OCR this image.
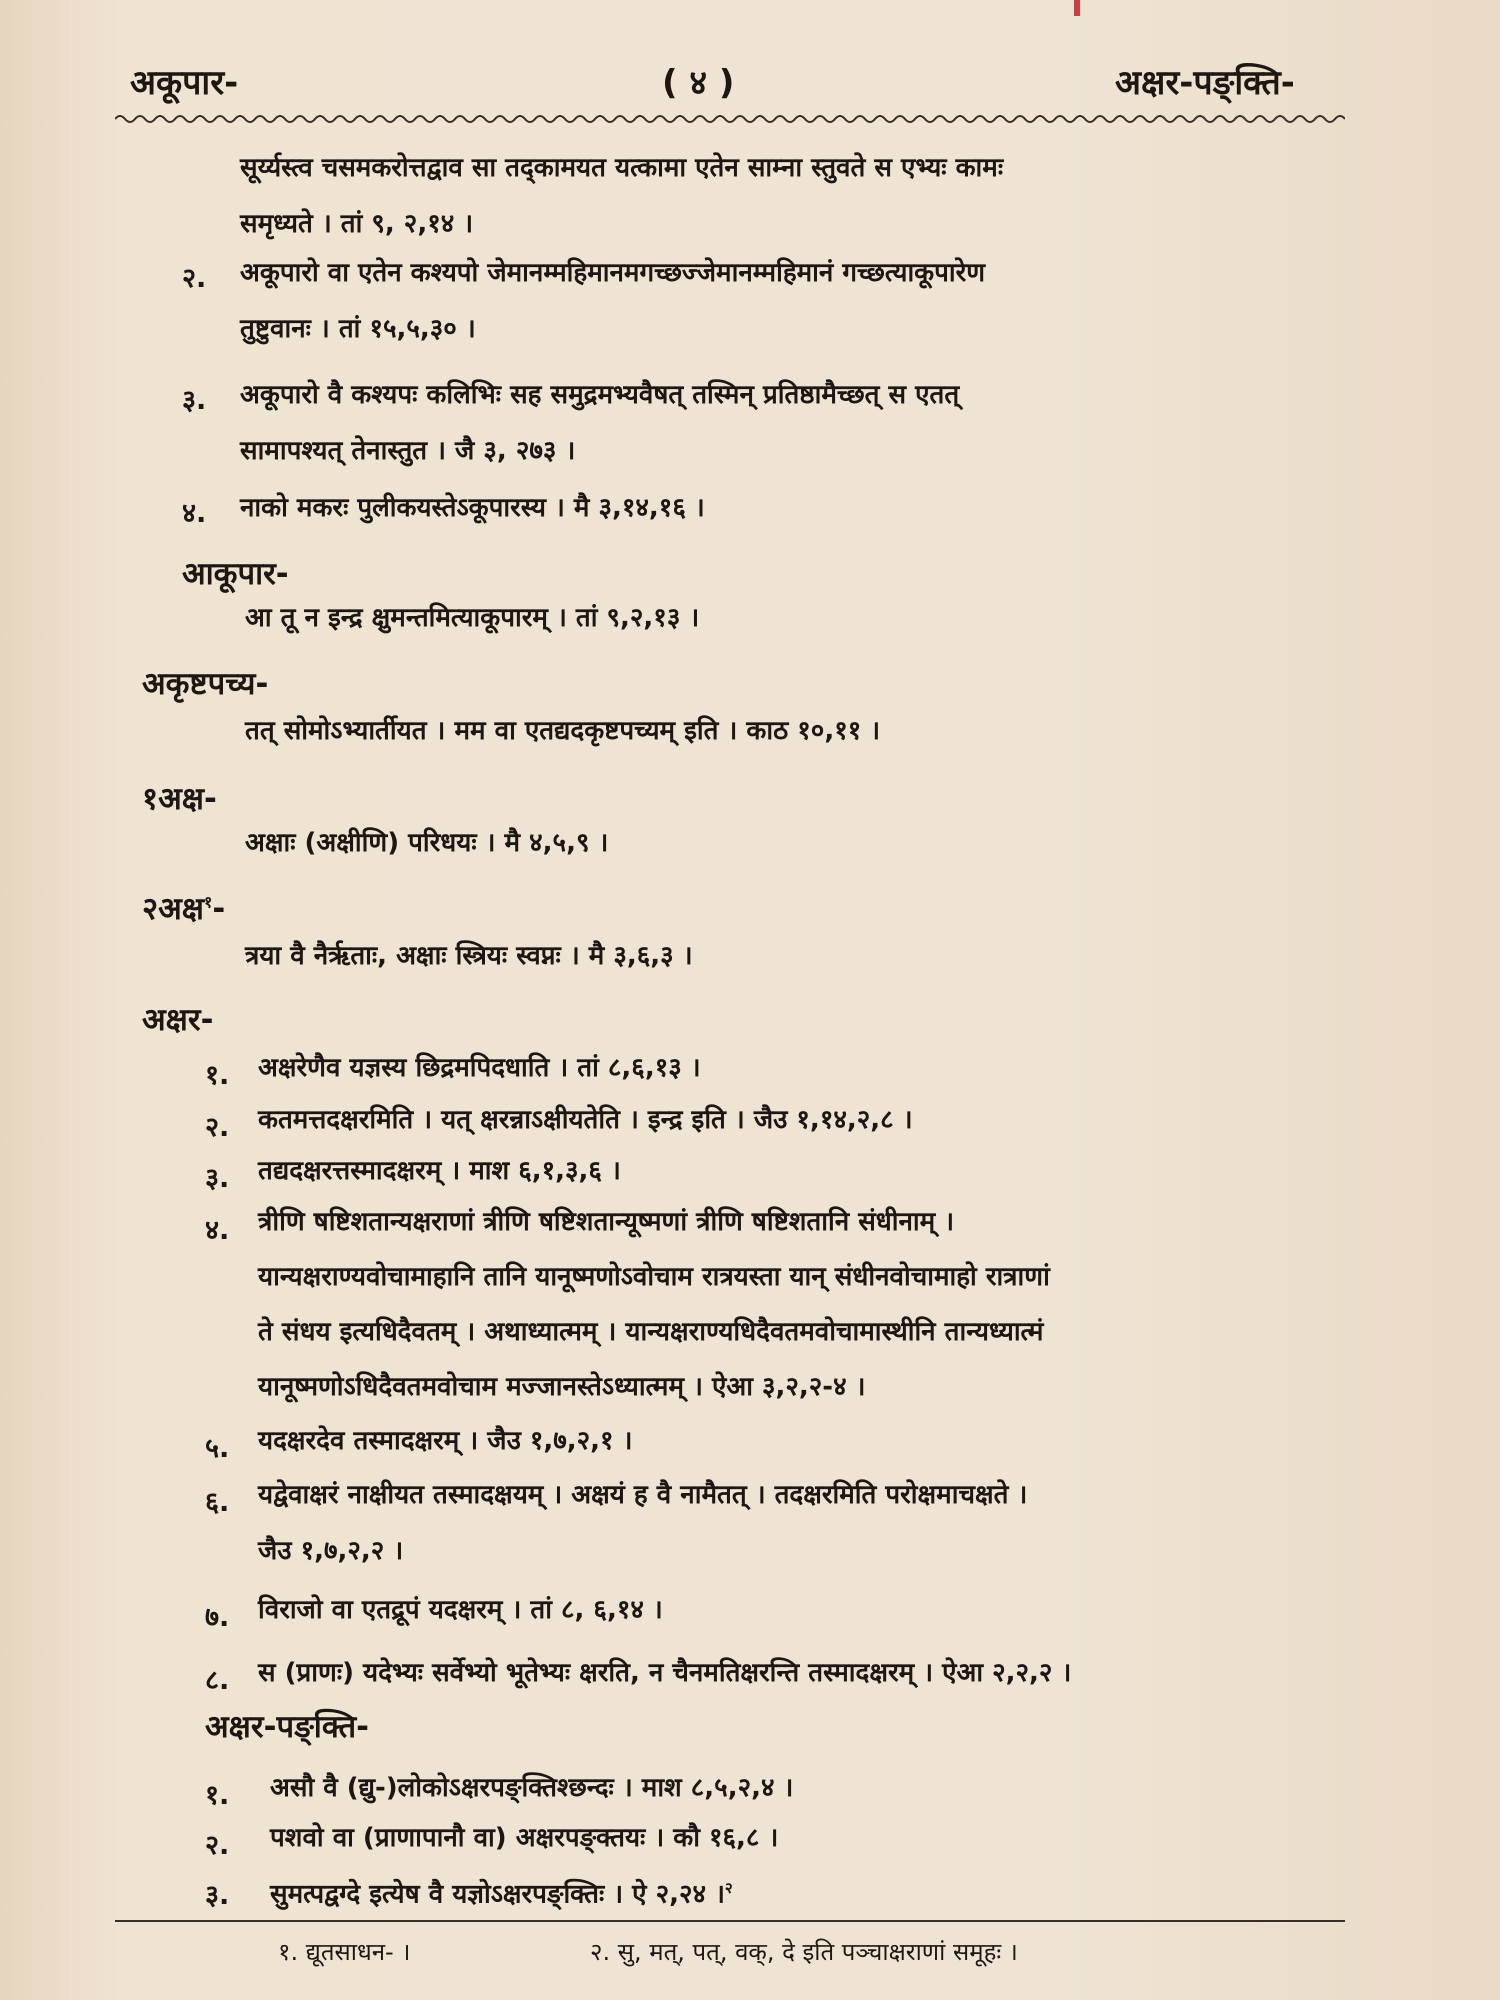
अकूपार-	( ४ )	अक्षर-पङ्क्ति-
सूर्य्यस्त्व चसमकरोत्तद्वाव सा तद्कामयत यत्कामा एतेन साम्ना स्तुवते स एभ्यः कामः
समृध्यते । तां ९, २,१४ ।
२. अकूपारो वा एतेन कश्यपो जेमानम्महिमानमगच्छज्जेमानम्महिमानं गच्छत्याकूपारेण
तुष्टुवानः । तां १५,५,३० ।
३. अकूपारो वै कश्यपः कलिभिः सह समुद्रमभ्यवैषत् तस्मिन् प्रतिष्ठामैच्छत् स एतत्
सामापश्यत् तेनास्तुत । जै ३, २७३ ।
४. नाको मकरः पुलीकयस्तेऽकूपारस्य । मै ३,१४,१६ ।
आकूपार-
आ तू न इन्द्र क्षुमन्तमित्याकूपारम् । तां ९,२,१३ ।
अकृष्टपच्य-
तत् सोमोऽभ्यार्तीयत । मम वा एतद्यदकृष्टपच्यम् इति । काठ १०,११ ।
१अक्ष-
अक्षाः (अक्षीणि) परिधयः । मै ४,५,९ ।
२अक्ष$^१$-
त्रया वै नैर्ऋताः, अक्षाः स्त्रियः स्वप्नः । मै ३,६,३ ।
अक्षर-
१. अक्षरेणैव यज्ञस्य छिद्रमपिदधाति । तां ८,६,१३ ।
२. कतमत्तदक्षरमिति । यत् क्षरन्नाऽक्षीयतेति । इन्द्र इति । जैउ १,१४,२,८ ।
३. तद्यदक्षरत्तस्मादक्षरम् । माश ६,१,३,६ ।
४. त्रीणि षष्टिशतान्यक्षराणां त्रीणि षष्टिशतान्यूष्मणां त्रीणि षष्टिशतानि संधीनाम् ।
यान्यक्षराण्यवोचामाहानि तानि यानूष्मणोऽवोचाम रात्रयस्ता यान् संधीनवोचामाहो रात्राणां
ते संधय इत्यधिदैवतम् । अथाध्यात्मम् । यान्यक्षराण्यधिदैवतमवोचामास्थीनि तान्यध्यात्मं
यानूष्मणोऽधिदैवतमवोचाम मज्जानस्तेऽध्यात्मम् । ऐआ ३,२,२-४ ।
५. यदक्षरदेव तस्मादक्षरम् । जैउ १,७,२,१ ।
६. यद्वेवाक्षरं नाक्षीयत तस्मादक्षयम् । अक्षयं ह वै नामैतत् । तदक्षरमिति परोक्षमाचक्षते ।
जैउ १,७,२,२ ।
७. विराजो वा एतद्रूपं यदक्षरम् । तां ८, ६,१४ ।
८. स (प्राणः) यदेभ्यः सर्वेभ्यो भूतेभ्यः क्षरति, न चैनमतिक्षरन्ति तस्मादक्षरम् । ऐआ २,२,२ ।
अक्षर-पङ्क्ति-
१. असौ वै (द्यु-)लोकोऽक्षरपङ्क्तिश्छन्दः । माश ८,५,२,४ ।
२. पशवो वा (प्राणापानौ वा) अक्षरपङ्क्तयः । कौ १६,८ ।
३. सुमत्पद्वग्दे इत्येष वै यज्ञोऽक्षरपङ्क्तिः । ऐ २,२४ ।$^२$
१. द्यूतसाधन- ।	२. सु, मत्, पत्, वक्, दे इति पञ्चाक्षराणां समूहः ।
